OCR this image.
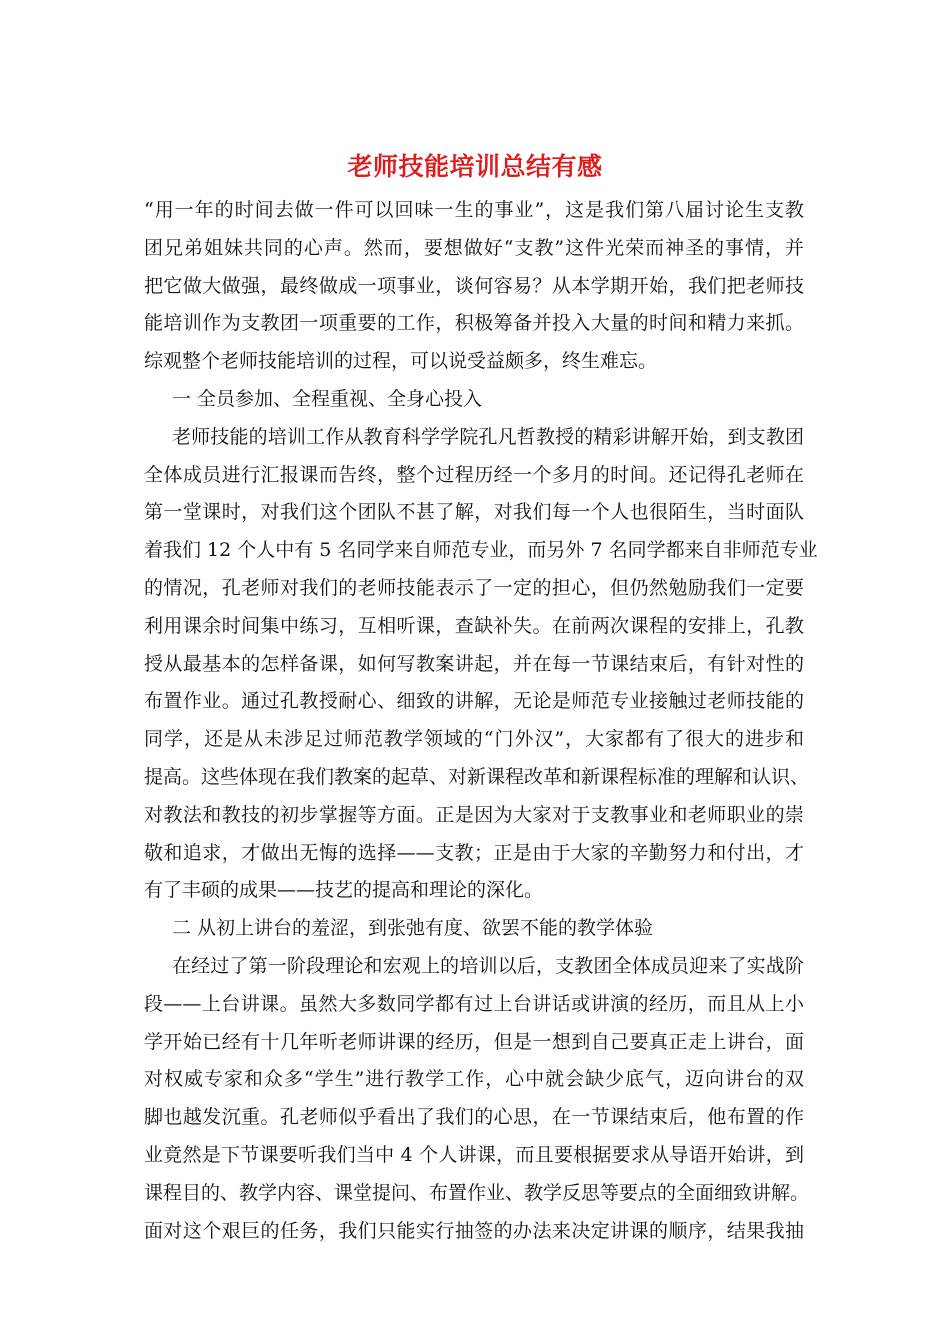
老师技能培训总结有感
“用一年的时间去做一件可以回味一生的事业”，这是我们第八届讨论生支教
团兄弟姐妹共同的心声。然而，要想做好“支教”这件光荣而神圣的事情，并
把它做大做强，最终做成一项事业，谈何容易？从本学期开始，我们把老师技
能培训作为支教团一项重要的工作，积极筹备并投入大量的时间和精力来抓。
综观整个老师技能培训的过程，可以说受益颇多，终生难忘。
一 全员参加、全程重视、全身心投入
老师技能的培训工作从教育科学学院孔凡哲教授的精彩讲解开始，到支教团
全体成员进行汇报课而告终，整个过程历经一个多月的时间。还记得孔老师在
第一堂课时，对我们这个团队不甚了解，对我们每一个人也很陌生，当时面队
着我们 12 个人中有 5 名同学来自师范专业，而另外 7 名同学都来自非师范专业
的情况，孔老师对我们的老师技能表示了一定的担心，但仍然勉励我们一定要
利用课余时间集中练习，互相听课，查缺补失。在前两次课程的安排上，孔教
授从最基本的怎样备课，如何写教案讲起，并在每一节课结束后，有针对性的
布置作业。通过孔教授耐心、细致的讲解，无论是师范专业接触过老师技能的
同学，还是从未涉足过师范教学领域的“门外汉”，大家都有了很大的进步和
提高。这些体现在我们教案的起草、对新课程改革和新课程标准的理解和认识、
对教法和教技的初步掌握等方面。正是因为大家对于支教事业和老师职业的崇
敬和追求，才做出无悔的选择——支教；正是由于大家的辛勤努力和付出，才
有了丰硕的成果——技艺的提高和理论的深化。
二 从初上讲台的羞涩，到张弛有度、欲罢不能的教学体验
在经过了第一阶段理论和宏观上的培训以后，支教团全体成员迎来了实战阶
段——上台讲课。虽然大多数同学都有过上台讲话或讲演的经历，而且从上小
学开始已经有十几年听老师讲课的经历，但是一想到自己要真正走上讲台，面
对权威专家和众多“学生”进行教学工作，心中就会缺少底气，迈向讲台的双
脚也越发沉重。孔老师似乎看出了我们的心思，在一节课结束后，他布置的作
业竟然是下节课要听我们当中 4 个人讲课，而且要根据要求从导语开始讲，到
课程目的、教学内容、课堂提问、布置作业、教学反思等要点的全面细致讲解。
面对这个艰巨的任务，我们只能实行抽签的办法来决定讲课的顺序，结果我抽
